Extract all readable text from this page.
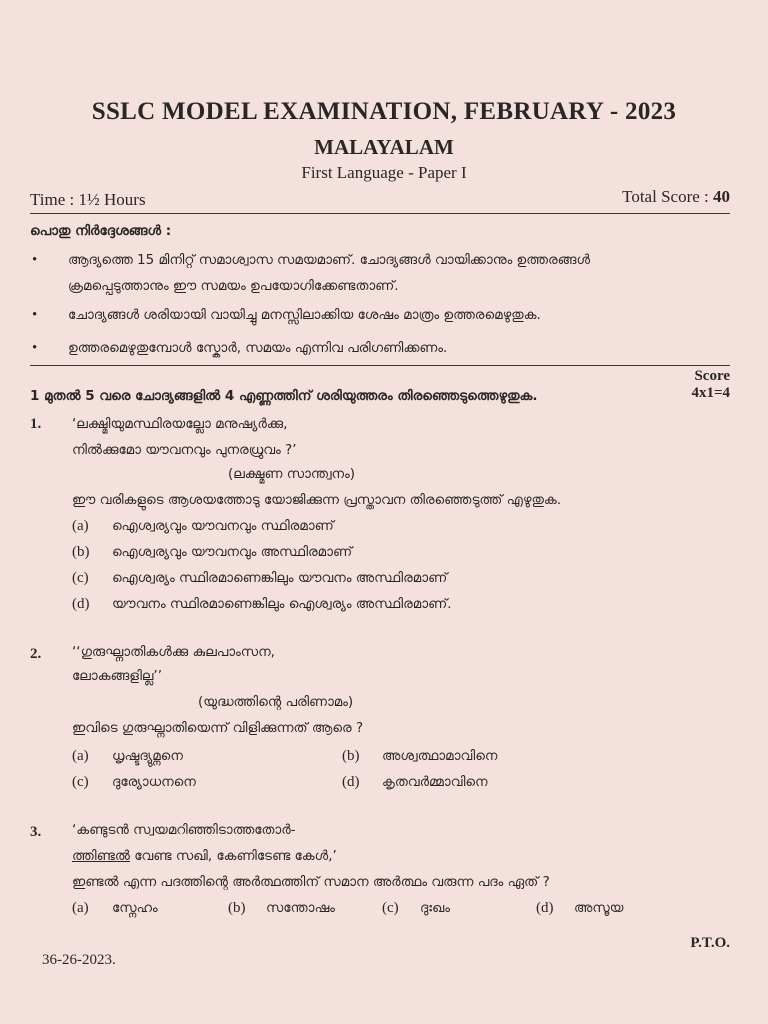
SSLC MODEL EXAMINATION, FEBRUARY - 2023
MALAYALAM
First Language - Paper I
Time : 1½ Hours	Total Score : 40
പൊതു നിർദ്ദേശങ്ങൾ :
• ആദ്യത്തെ 15 മിനിറ്റ് സമാശ്വാസ സമയമാണ്. ചോദ്യങ്ങൾ വായിക്കാനും ഉത്തരങ്ങൾ
ക്രമപ്പെടുത്താനും ഈ സമയം ഉപയോഗിക്കേണ്ടതാണ്.
• ചോദ്യങ്ങൾ ശരിയായി വായിച്ചു മനസ്സിലാക്കിയ ശേഷം മാത്രം ഉത്തരമെഴുതുക.
• ഉത്തരമെഴുതുമ്പോൾ സ്കോർ, സമയം എന്നിവ പരിഗണിക്കണം.
Score
1 മുതൽ 5 വരെ ചോദ്യങ്ങളിൽ 4 എണ്ണത്തിന് ശരിയുത്തരം തിരഞ്ഞെടുത്തെഴുതുക.	4x1=4
1. ‘ലക്ഷ്മിയുമസ്ഥിരയല്ലോ മനുഷ്യർക്കു,
നിൽക്കുമോ യൗവനവും പുനരധ്രുവം ?’
(ലക്ഷ്മണ സാന്ത്വനം)
ഈ വരികളുടെ ആശയത്തോടു യോജിക്കുന്ന പ്രസ്താവന തിരഞ്ഞെടുത്ത് എഴുതുക.
(a) ഐശ്വര്യവും യൗവനവും സ്ഥിരമാണ്
(b) ഐശ്വര്യവും യൗവനവും അസ്ഥിരമാണ്
(c) ഐശ്വര്യം സ്ഥിരമാണെങ്കിലും യൗവനം അസ്ഥിരമാണ്
(d) യൗവനം സ്ഥിരമാണെങ്കിലും ഐശ്വര്യം അസ്ഥിരമാണ്.
2. ‘‘ഗുരുഘ്നാതികൾക്കു കുലപാംസന,
ലോകങ്ങളില്ല’’
(യുദ്ധത്തിന്റെ പരിണാമം)
ഇവിടെ ഗുരുഘ്നാതിയെന്ന് വിളിക്കുന്നത് ആരെ ?
(a) ധൃഷ്ടദ്യുമ്നനെ	(b) അശ്വത്ഥാമാവിനെ
(c) ദുര്യോധനനെ	(d) കൃതവർമ്മാവിനെ
3. ‘കണ്ടുടൻ സ്വയമറിഞ്ഞിടാത്തതോർ-
ത്തിണ്ടൽ വേണ്ട സഖി, കേണിടേണ്ട കേൾ,’
ഇണ്ടൽ എന്ന പദത്തിന്റെ അർത്ഥത്തിന് സമാന അർത്ഥം വരുന്ന പദം ഏത് ?
(a) സ്നേഹം	(b) സന്തോഷം	(c) ദുഃഖം	(d) അസൂയ
P.T.O.
36-26-2023.
